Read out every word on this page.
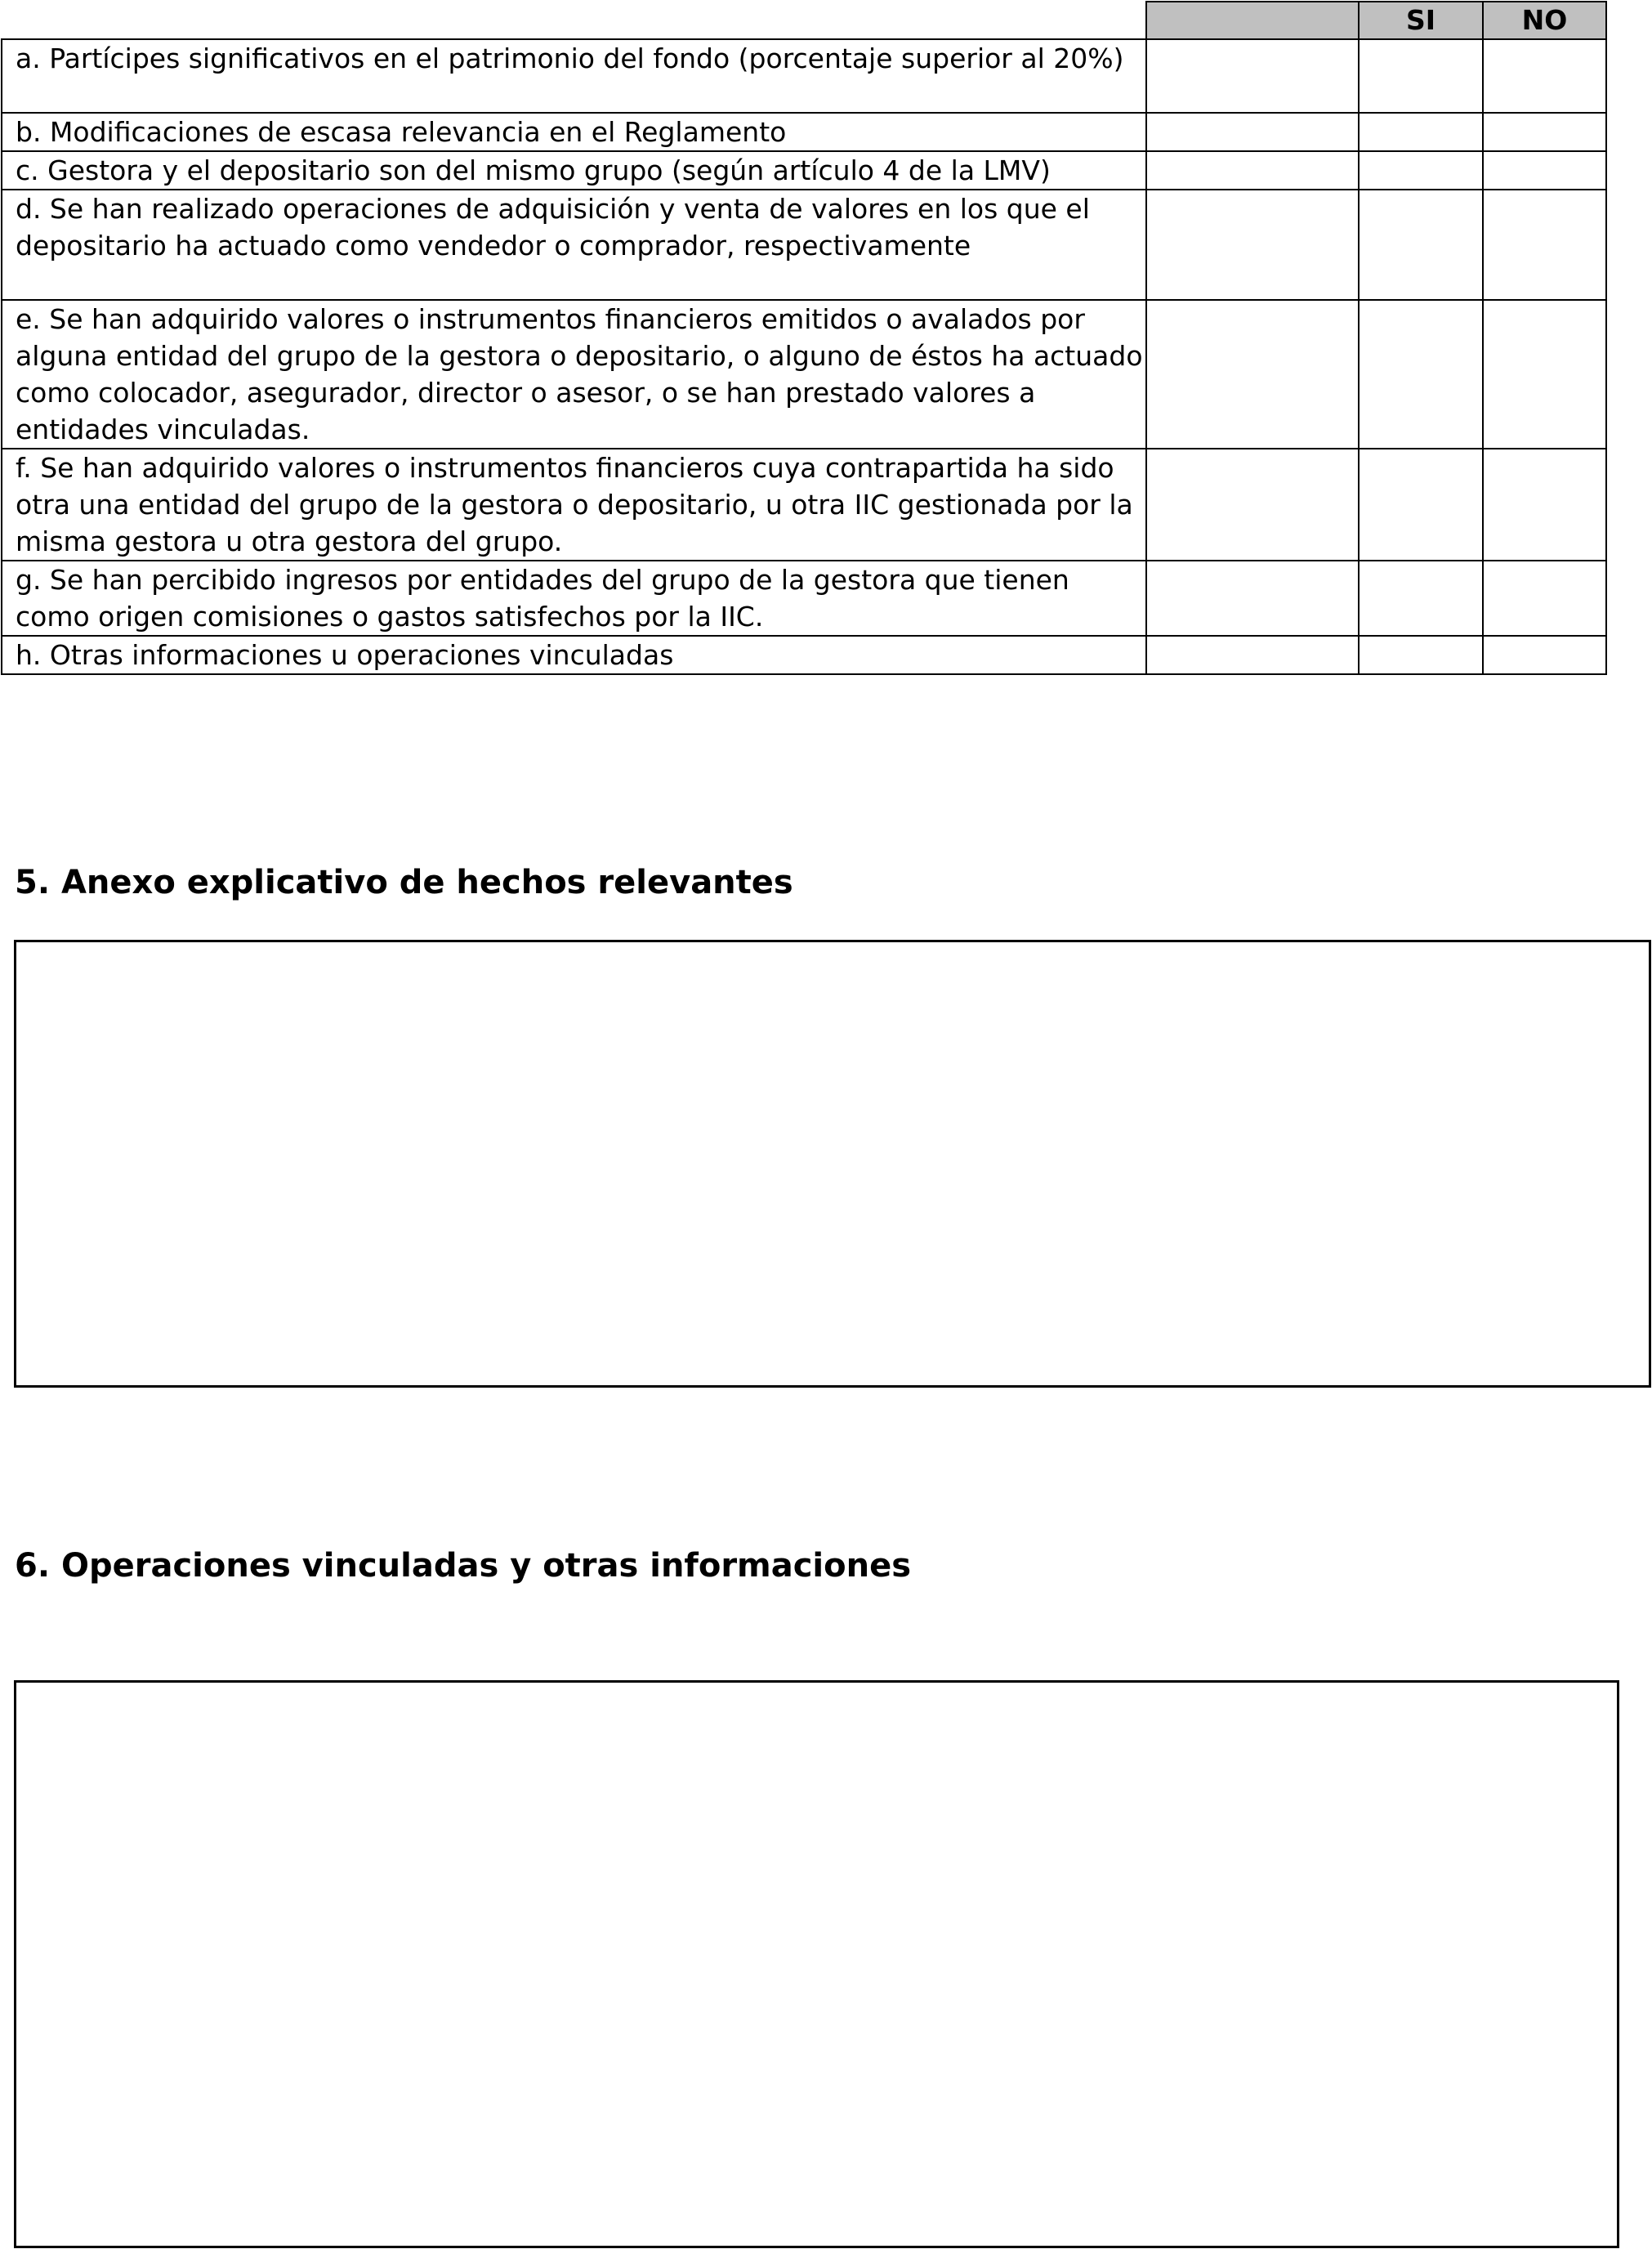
		SI	NO
a. Partícipes significativos en el patrimonio del fondo (porcentaje superior al 20%)			
b. Modificaciones de escasa relevancia en el Reglamento			
c. Gestora y el depositario son del mismo grupo (según artículo 4 de la LMV)			
d. Se han realizado operaciones de adquisición y venta de valores en los que el depositario ha actuado como vendedor o comprador, respectivamente			
e. Se han adquirido valores o instrumentos financieros emitidos o avalados por alguna entidad del grupo de la gestora o depositario, o alguno de éstos ha actuado como colocador, asegurador, director o asesor, o se han prestado valores a entidades vinculadas.			
f. Se han adquirido valores o instrumentos financieros cuya contrapartida ha sido otra una entidad del grupo de la gestora o depositario, u otra IIC gestionada por la misma gestora u otra gestora del grupo.			
g. Se han percibido ingresos por entidades del grupo de la gestora que tienen como origen comisiones o gastos satisfechos por la IIC.			
h. Otras informaciones u operaciones vinculadas			
5. Anexo explicativo de hechos relevantes
6. Operaciones vinculadas y otras informaciones
